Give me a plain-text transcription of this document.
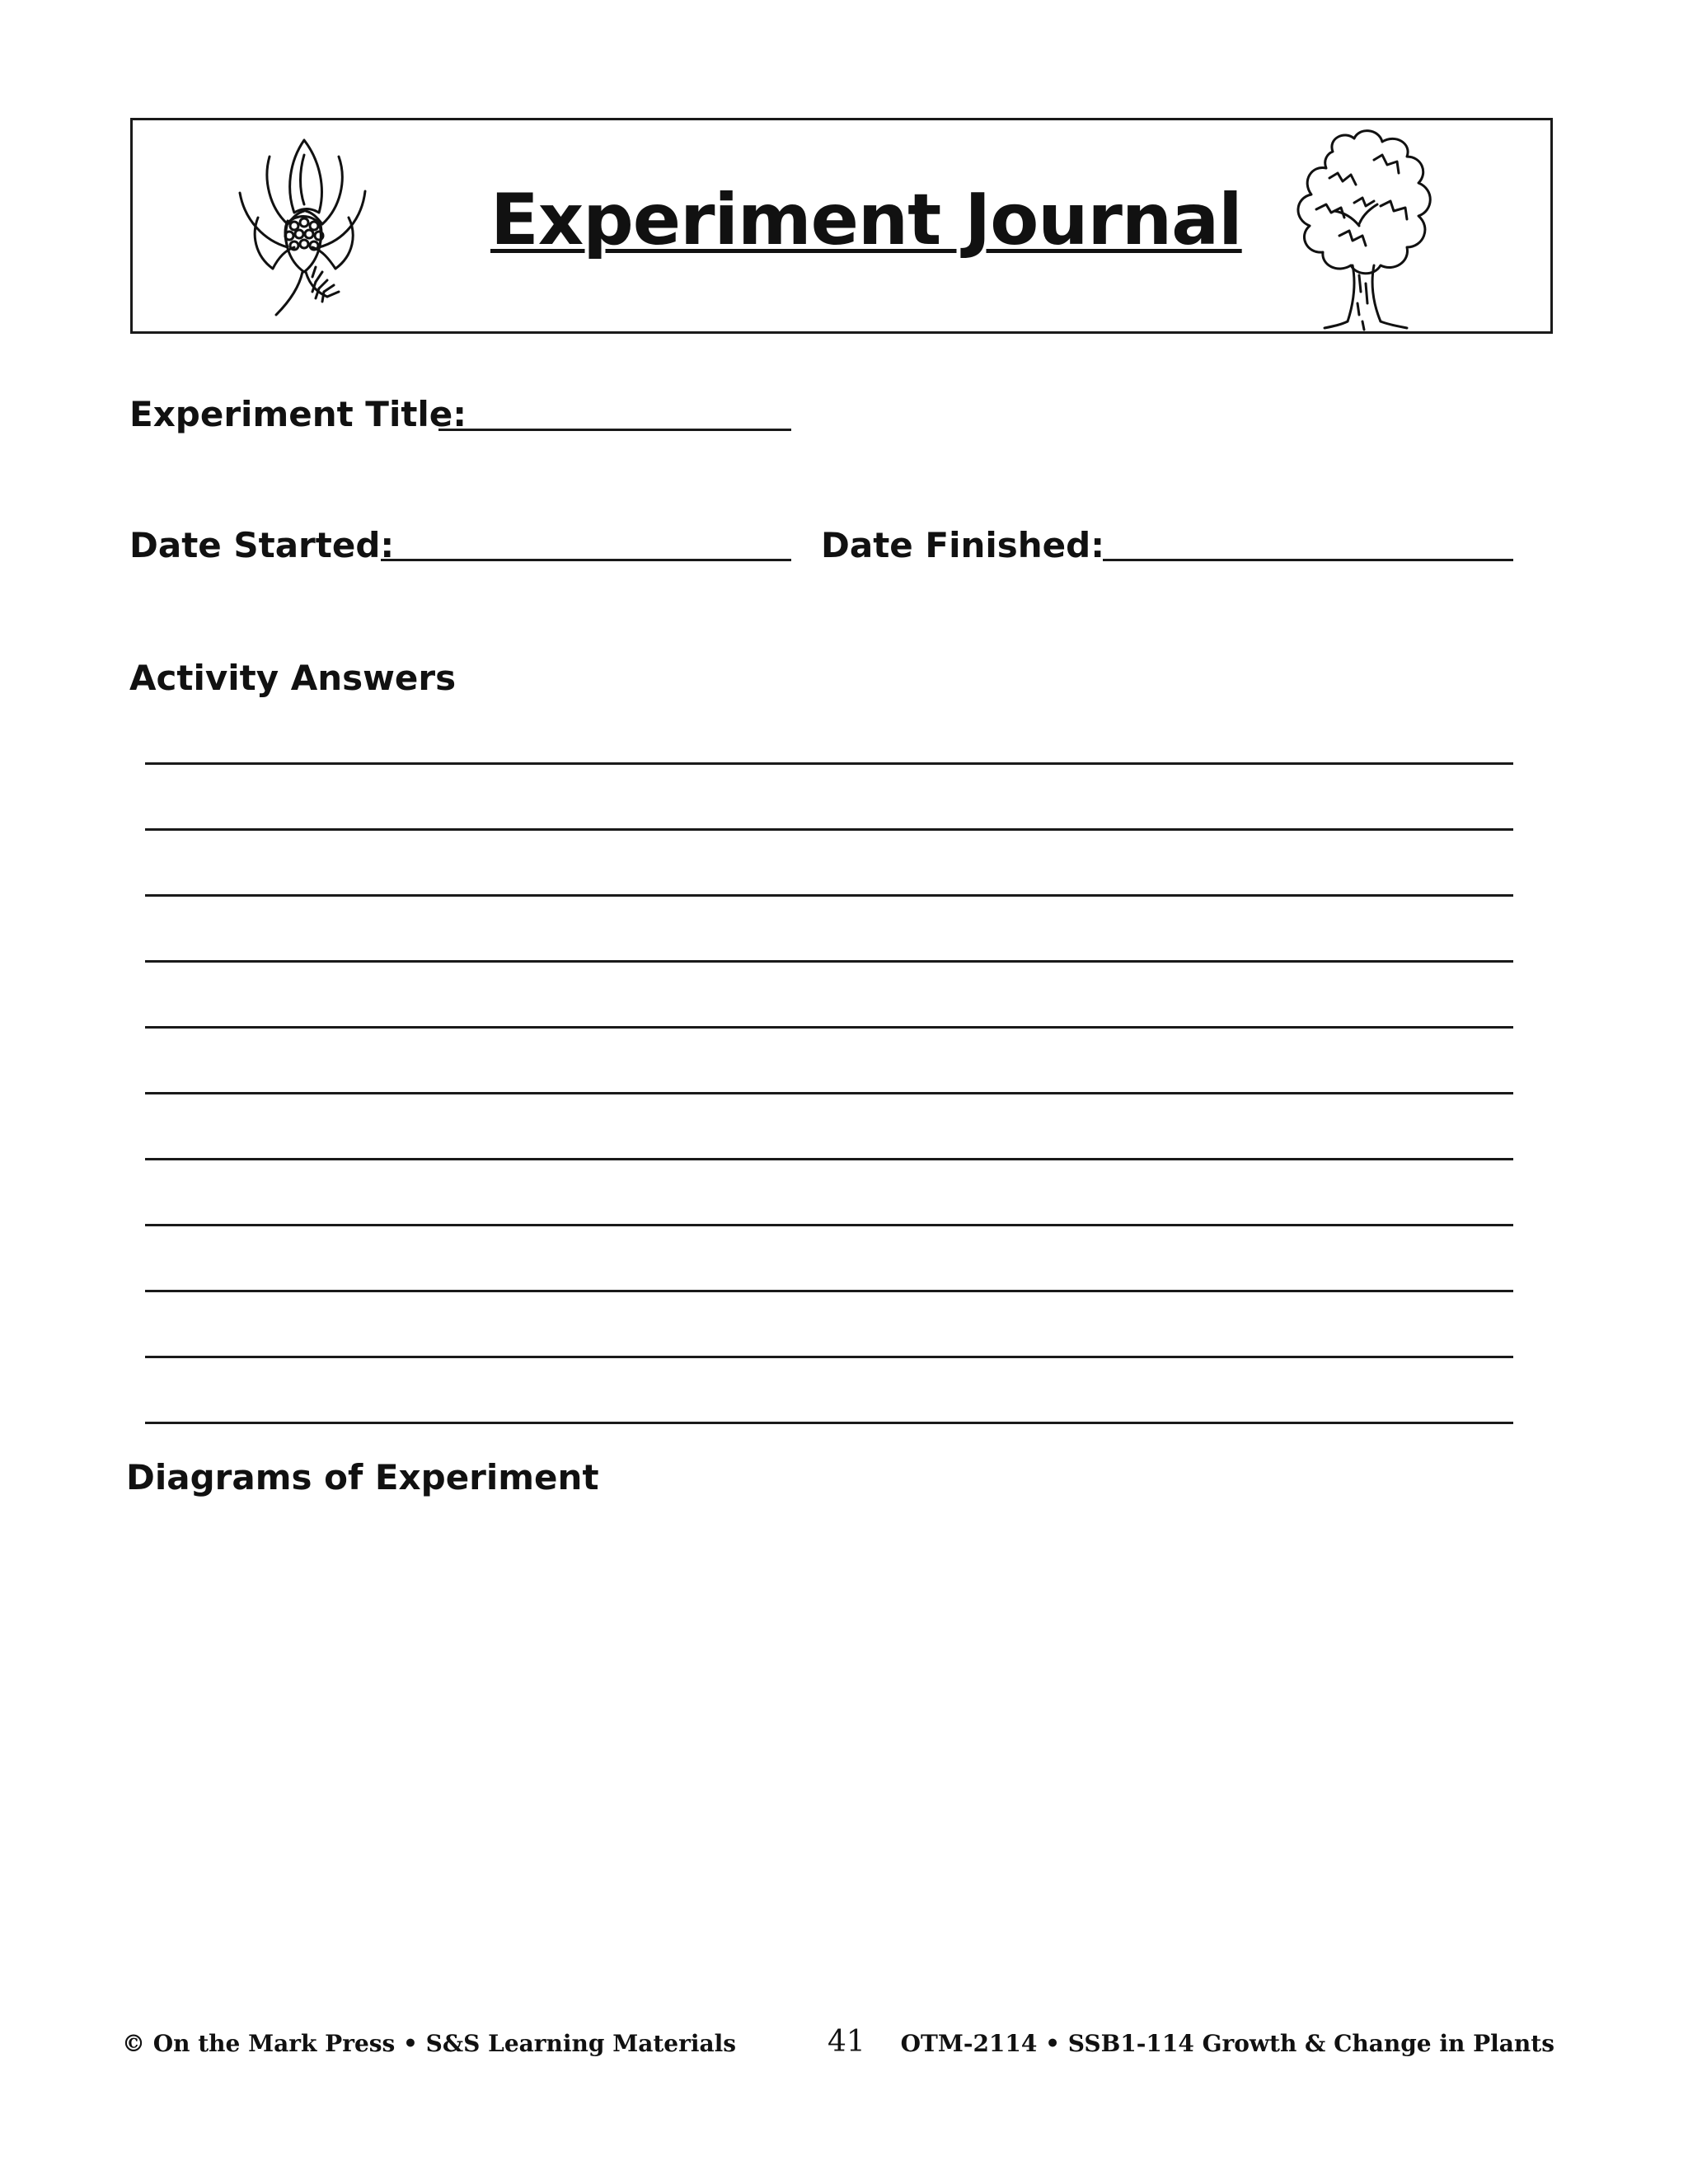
Experiment Journal
Experiment Title:
Date Started:	Date Finished:
Activity Answers
Diagrams of Experiment
© On the Mark Press • S&S Learning Materials	41 OTM-2114 • SSB1-114 Growth & Change in Plants
